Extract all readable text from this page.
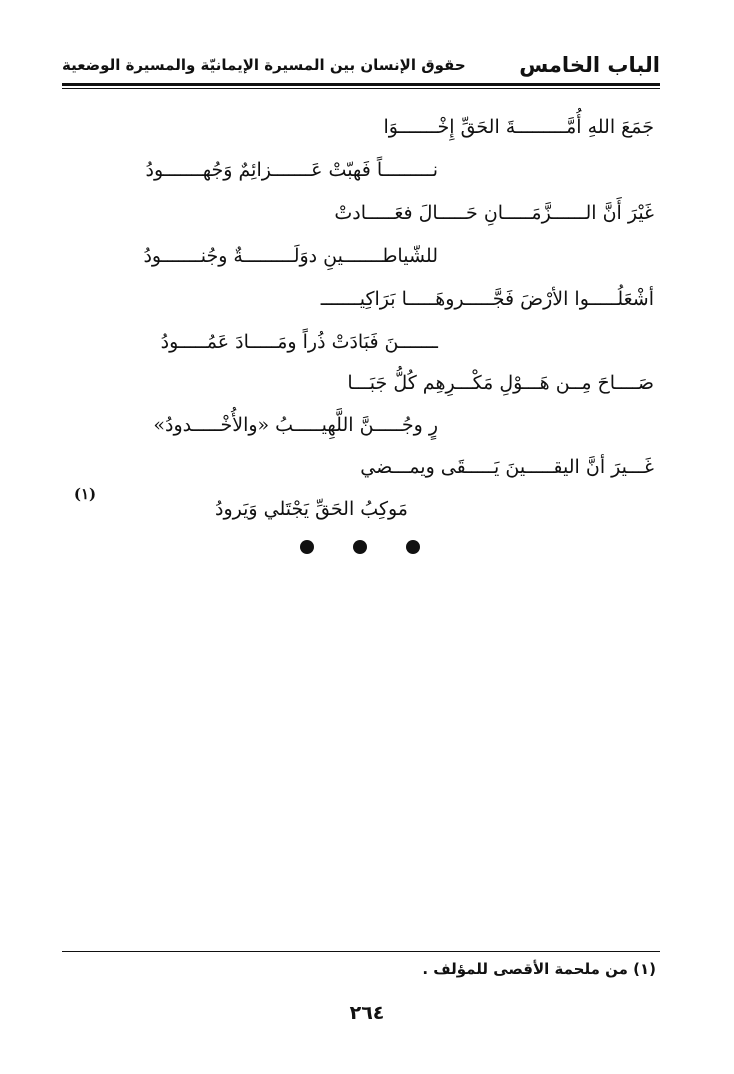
الباب الخامس
حقوق الإنسان بين المسيرة الإيمانيّة والمسيرة الوضعية
جَمَعَ اللهِ أُمَّـــــــــةَ الحَقِّ إِخْـــــــوَا
نـــــــــاً فَهبّتْ عَـــــــزائِمٌ وَجُهـــــــودُ
غَيْرَ أَنَّ الــــــزَّمَـــــانِ حَـــــالَ فعَـــــادتْ
للشّياطـــــــينِ دوَلَـــــــــةٌ وجُنـــــــودُ
أشْعَلُـــــوا الأرْضَ فَجَّـــــروهَـــــا بَرَاكِيـــــــ
ـــــــنَ فَبَادَتْ ذُراً ومَـــــادَ عَمُـــــودُ
صَــــاحَ مِــن هَـــوْلِ مَكْـــرِهِم كُلُّ جَبَـــا
رٍ وجُـــــنَّ اللَّهِيـــــبُ «والأُخْـــــدودُ»
غَـــيرَ أنَّ اليقـــــينَ يَـــــقَى ويمـــضي
مَوكِبُ الحَقِّ يَجْتَلي وَيَرودُ
(١)
(١) من ملحمة الأقصى للمؤلف .
٢٦٤
